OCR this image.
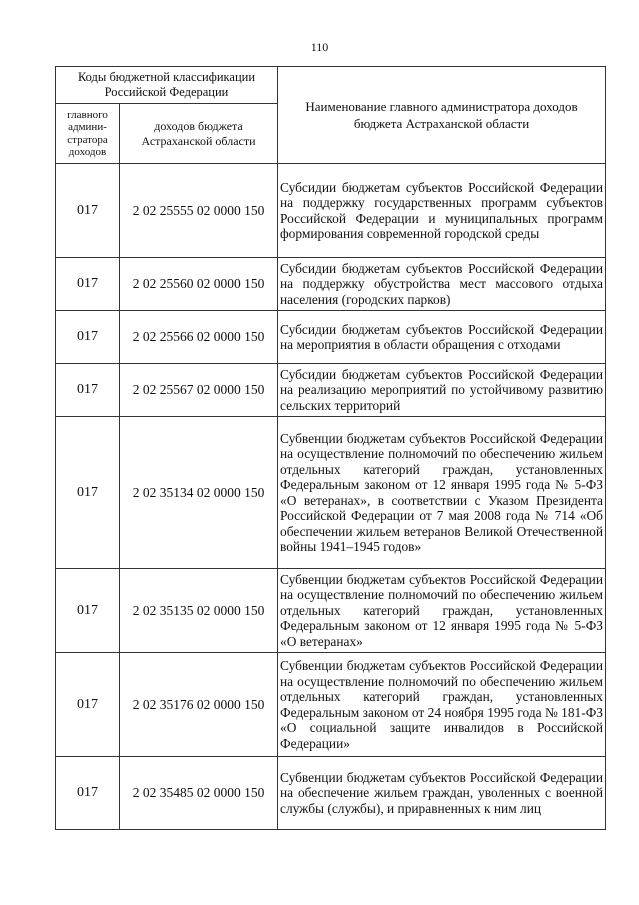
110
Коды бюджетной классификации Российской Федерации		Наименование главного администратора доходов бюджета Астраханской области
главного админи-стратора доходов	доходов бюджета Астраханской области	
017	2 02 25555 02 0000 150	Субсидии бюджетам субъектов Российской Федерации на поддержку государственных программ субъектов Российской Федерации и муниципальных программ формирования современной городской среды
017	2 02 25560 02 0000 150	Субсидии бюджетам субъектов Российской Федерации на поддержку обустройства мест массового отдыха населения (городских парков)
017	2 02 25566 02 0000 150	Субсидии бюджетам субъектов Российской Федерации на мероприятия в области обращения с отходами
017	2 02 25567 02 0000 150	Субсидии бюджетам субъектов Российской Федерации на реализацию мероприятий по устойчивому развитию сельских территорий
017	2 02 35134 02 0000 150	Субвенции бюджетам субъектов Российской Федерации на осуществление полномочий по обеспечению жильем отдельных категорий граждан, установленных Федеральным законом от 12 января 1995 года № 5-ФЗ «О ветеранах», в соответствии с Указом Президента Российской Федерации от 7 мая 2008 года № 714 «Об обеспечении жильем ветеранов Великой Отечественной войны 1941–1945 годов»
017	2 02 35135 02 0000 150	Субвенции бюджетам субъектов Российской Федерации на осуществление полномочий по обеспечению жильем отдельных категорий граждан, установленных Федеральным законом от 12 января 1995 года № 5-ФЗ «О ветеранах»
017	2 02 35176 02 0000 150	Субвенции бюджетам субъектов Российской Федерации на осуществление полномочий по обеспечению жильем отдельных категорий граждан, установленных Федеральным законом от 24 ноября 1995 года № 181-ФЗ «О социальной защите инвалидов в Российской Федерации»
017	2 02 35485 02 0000 150	Субвенции бюджетам субъектов Российской Федерации на обеспечение жильем граждан, уволенных с военной службы (службы), и приравненных к ним лиц
